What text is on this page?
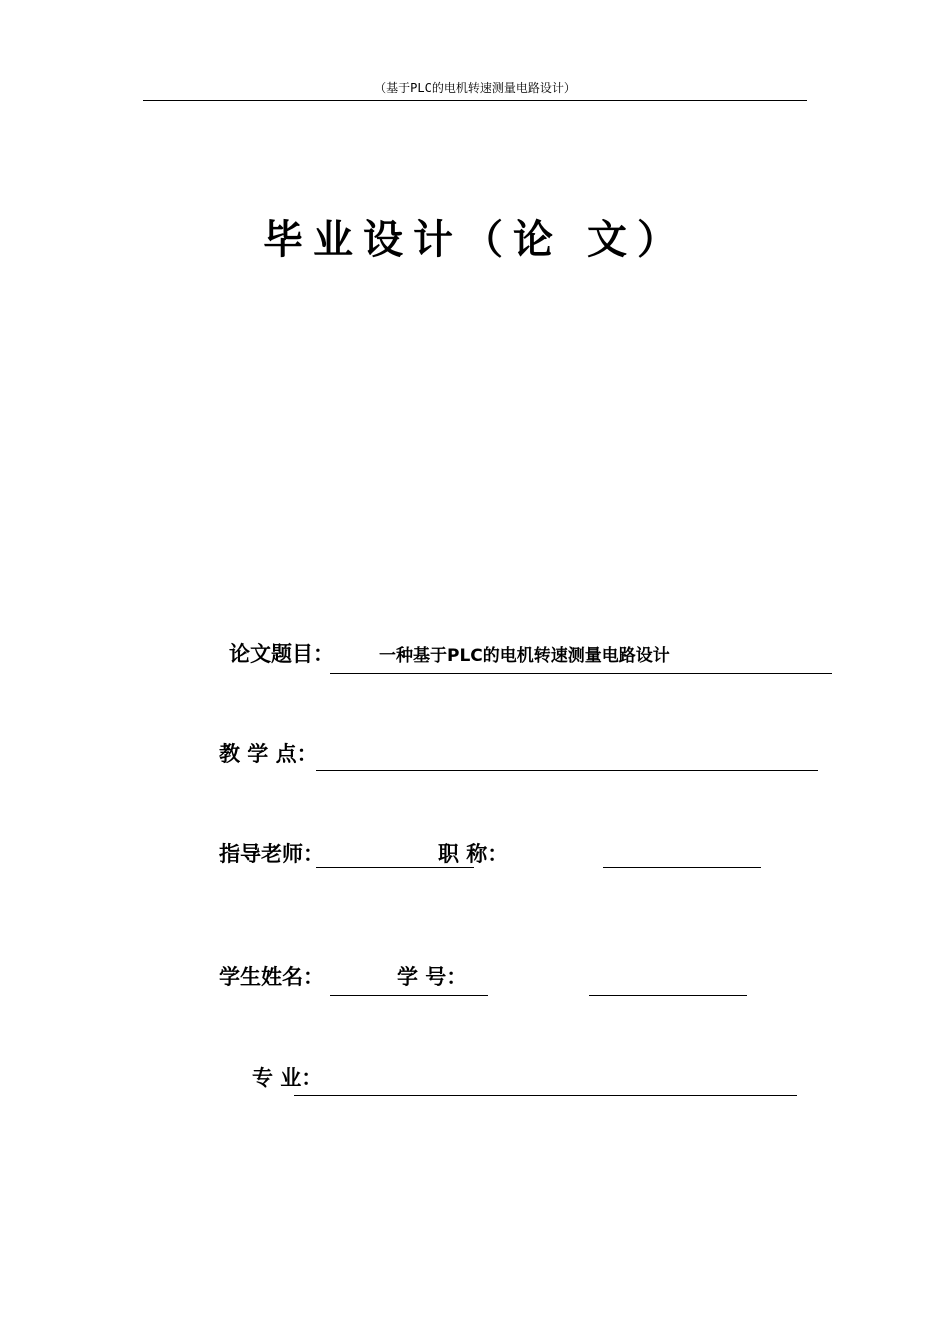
（基于PLC的电机转速测量电路设计）
毕业设计（论 文）
论文题目：	一种基于PLC的电机转速测量电路设计
教 学 点：
指导老师：	职 称：
学生姓名：	学 号：
专 业：
